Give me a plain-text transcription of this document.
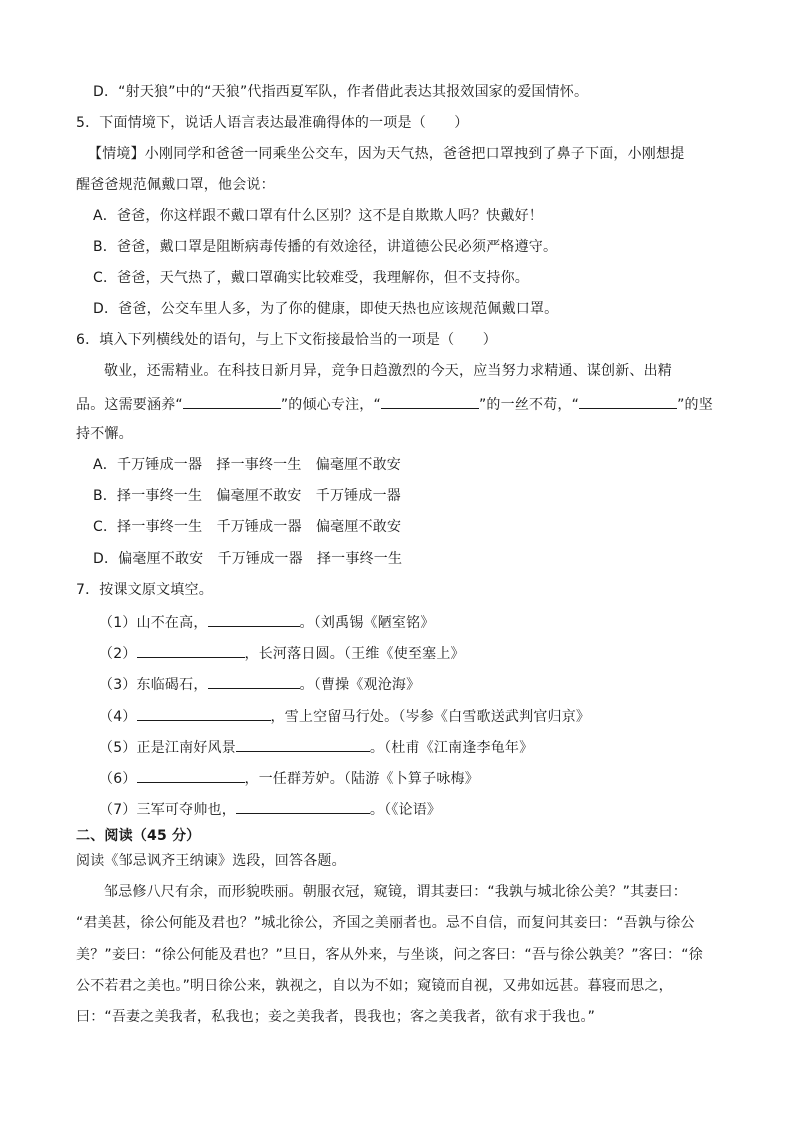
D．“射天狼”中的“天狼”代指西夏军队，作者借此表达其报效国家的爱国情怀。
5．下面情境下，说话人语言表达最准确得体的一项是（　　）
【情境】小刚同学和爸爸一同乘坐公交车，因为天气热，爸爸把口罩拽到了鼻子下面，小刚想提
醒爸爸规范佩戴口罩，他会说：
A．爸爸，你这样跟不戴口罩有什么区别？这不是自欺欺人吗？快戴好！
B．爸爸，戴口罩是阻断病毒传播的有效途径，讲道德公民必须严格遵守。
C．爸爸，天气热了，戴口罩确实比较难受，我理解你，但不支持你。
D．爸爸，公交车里人多，为了你的健康，即使天热也应该规范佩戴口罩。
6．填入下列横线处的语句，与上下文衔接最恰当的一项是（　　）
敬业，还需精业。在科技日新月异，竞争日趋激烈的今天，应当努力求精通、谋创新、出精
品。这需要涵养“	”的倾心专注，“	”的一丝不苟，“	”的坚
持不懈。
A．千万锤成一器　择一事终一生　偏毫厘不敢安
B．择一事终一生　偏毫厘不敢安　千万锤成一器
C．择一事终一生　千万锤成一器　偏毫厘不敢安
D．偏毫厘不敢安　千万锤成一器　择一事终一生
7．按课文原文填空。
（1）山不在高，	。（刘禹锡《陋室铭》
（2）	，长河落日圆。（王维《使至塞上》
（3）东临碣石，	。（曹操《观沧海》
（4）	，雪上空留马行处。（岑参《白雪歌送武判官归京》
（5）正是江南好风景	。（杜甫《江南逢李龟年》
（6）	，一任群芳妒。（陆游《卜算子咏梅》
（7）三军可夺帅也，	。（《论语》
二、阅读（45 分）
阅读《邹忌讽齐王纳谏》选段，回答各题。
邹忌修八尺有余，而形貌昳丽。朝服衣冠，窥镜，谓其妻曰：“我孰与城北徐公美？”其妻曰：
“君美甚，徐公何能及君也？”城北徐公，齐国之美丽者也。忌不自信，而复问其妾曰：“吾孰与徐公
美？”妾曰：“徐公何能及君也？”旦日，客从外来，与坐谈，问之客曰：“吾与徐公孰美？”客曰：“徐
公不若君之美也。”明日徐公来，孰视之，自以为不如；窥镜而自视，又弗如远甚。暮寝而思之，
曰：“吾妻之美我者，私我也；妾之美我者，畏我也；客之美我者，欲有求于我也。”
